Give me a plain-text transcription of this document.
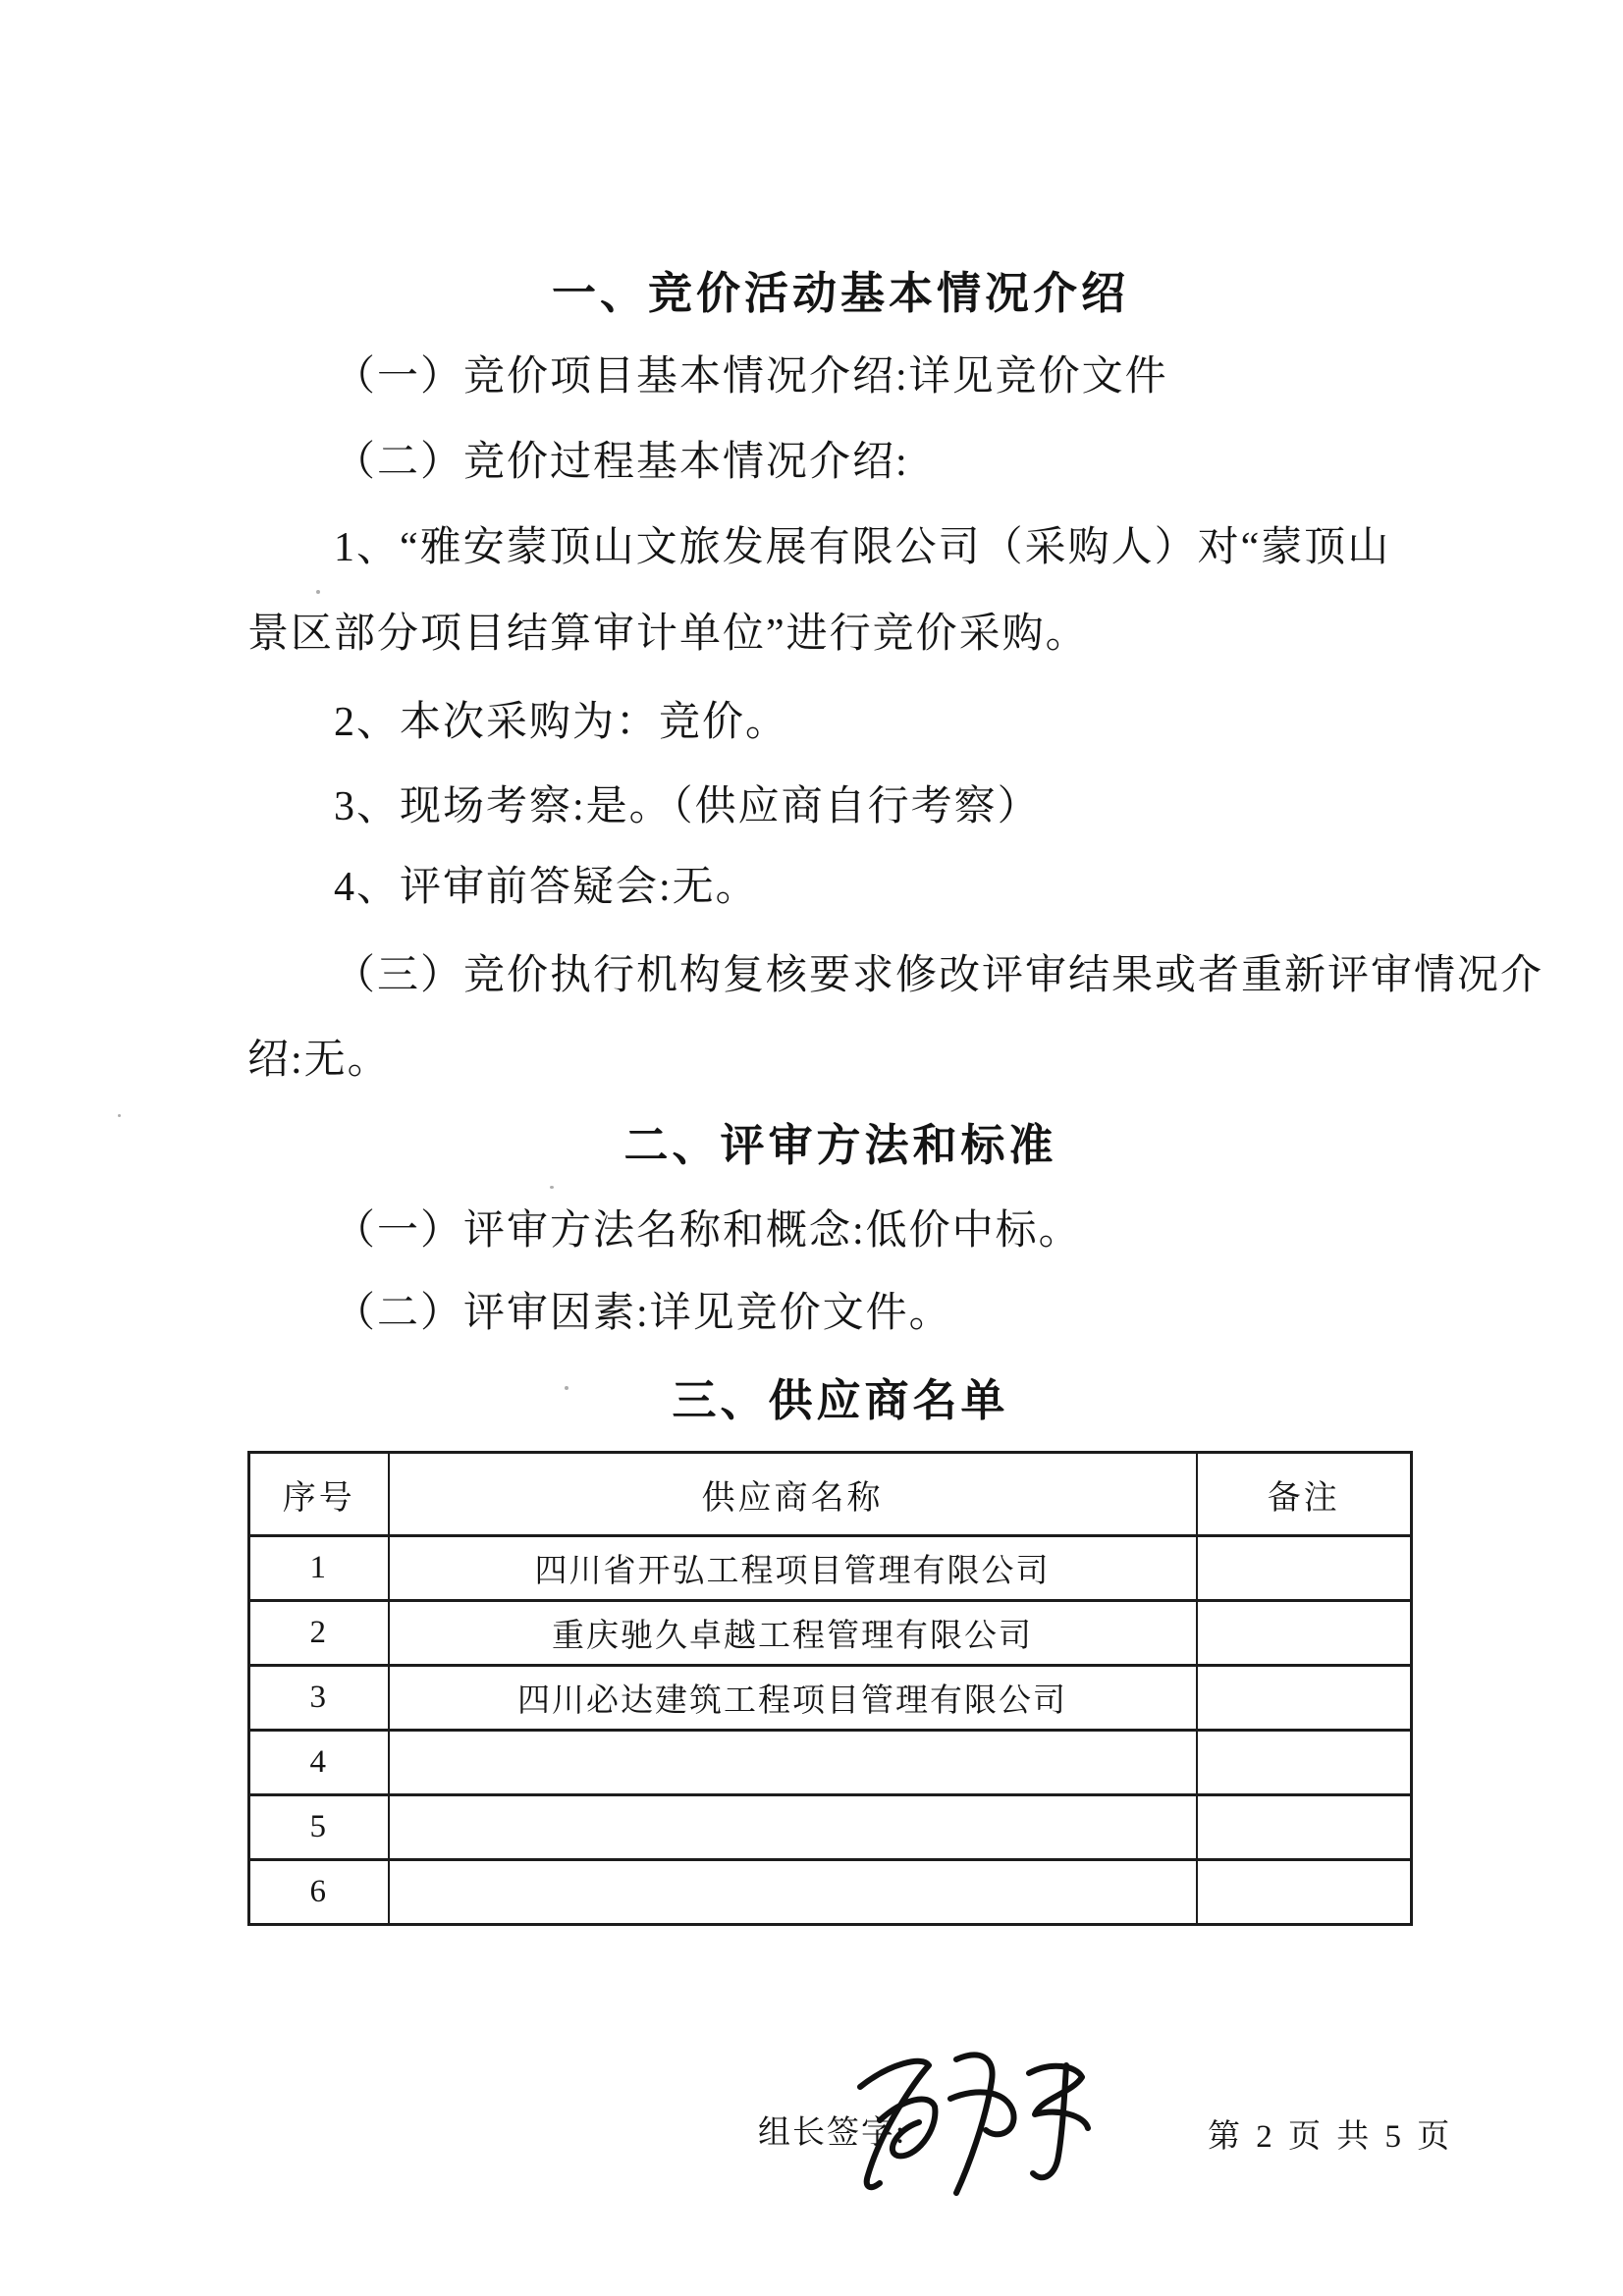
一、竞价活动基本情况介绍
（一）竞价项目基本情况介绍:详见竞价文件
（二）竞价过程基本情况介绍:
1、“雅安蒙顶山文旅发展有限公司（采购人）对“蒙顶山
景区部分项目结算审计单位”进行竞价采购。
2、本次采购为：竞价。
3、现场考察:是。（供应商自行考察）
4、评审前答疑会:无。
（三）竞价执行机构复核要求修改评审结果或者重新评审情况介
绍:无。
二、评审方法和标准
（一）评审方法名称和概念:低价中标。
（二）评审因素:详见竞价文件。
三、供应商名单
序号	供应商名称	备注
1	四川省开弘工程项目管理有限公司	
2	重庆驰久卓越工程管理有限公司	
3	四川必达建筑工程项目管理有限公司	
4		
5		
6		
组长签字:	第 2 页 共 5 页
